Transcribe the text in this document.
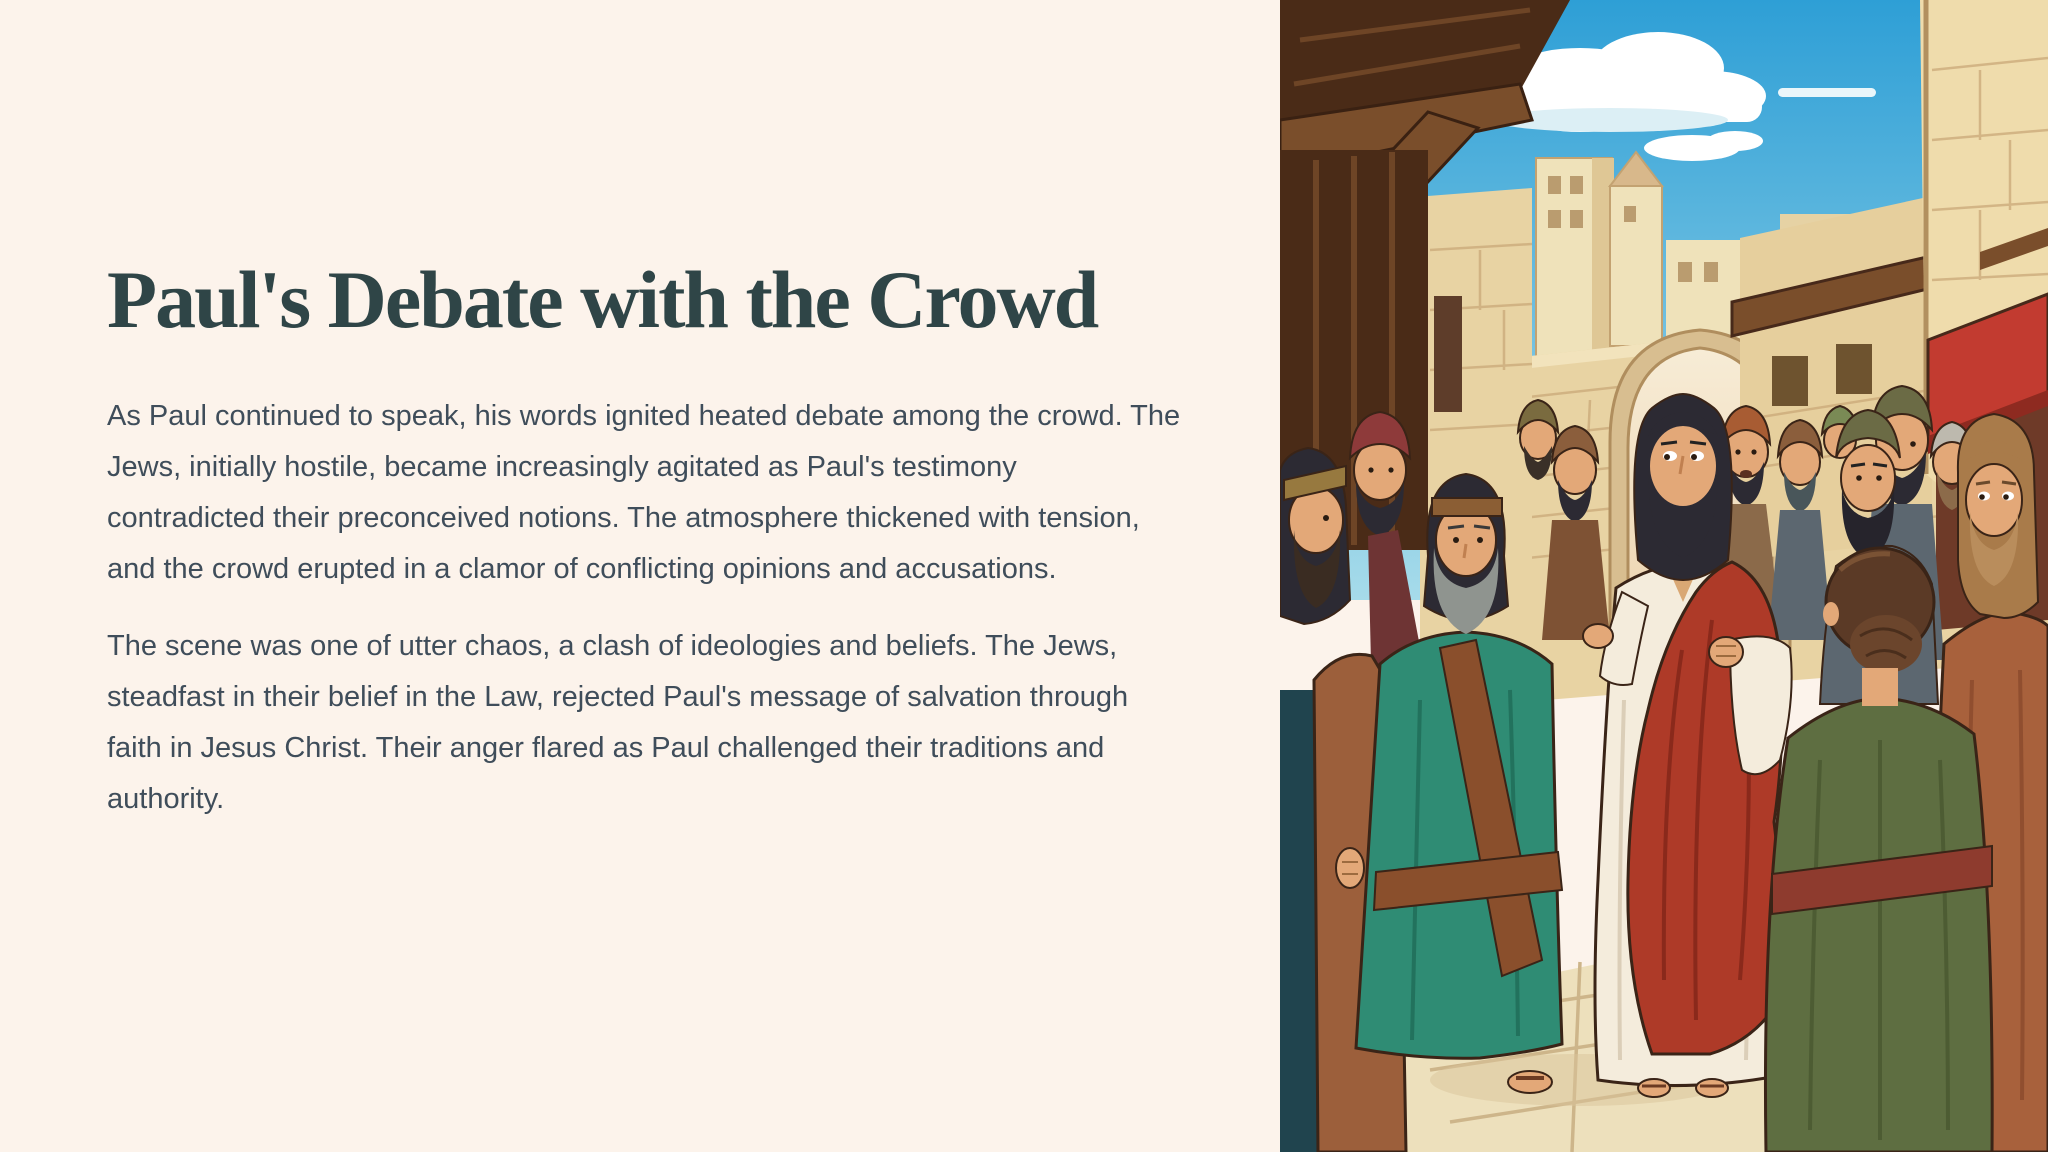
Paul's Debate with the Crowd

As Paul continued to speak, his words ignited heated debate among the crowd. The Jews, initially hostile, became increasingly agitated as Paul's testimony contradicted their preconceived notions. The atmosphere thickened with tension, and the crowd erupted in a clamor of conflicting opinions and accusations.

The scene was one of utter chaos, a clash of ideologies and beliefs. The Jews, steadfast in their belief in the Law, rejected Paul's message of salvation through faith in Jesus Christ. Their anger flared as Paul challenged their traditions and authority.
